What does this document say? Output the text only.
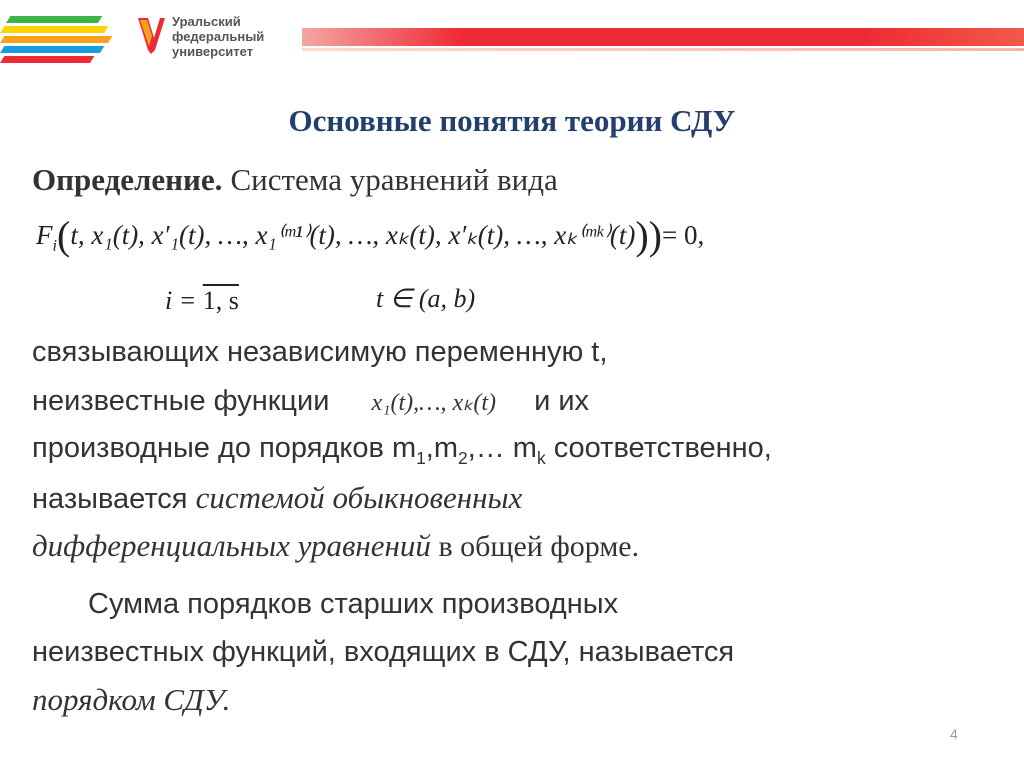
Уральский
федеральный
университет
Основные понятия теории СДУ

Определение. Система уравнений вида

$F_i(t$, x₁(t), x′₁(t), …, x₁⁽ᵐ¹⁾(t), …, xₖ(t), x′ₖ(t), …, xₖ⁽ᵐᵏ⁾(t)))= 0,
i = 1, s	t ∈ (a, b)

связывающих независимую переменную t,

неизвестные функции x₁(t),…, xₖ(t) и их

производные до порядков $m_1,m_2,\dots$ $m_k$ соответственно,

называется системой обыкновенных

дифференциальных уравнений в общей форме.

Сумма порядков старших производных

неизвестных функций, входящих в СДУ, называется

порядком СДУ.

4
